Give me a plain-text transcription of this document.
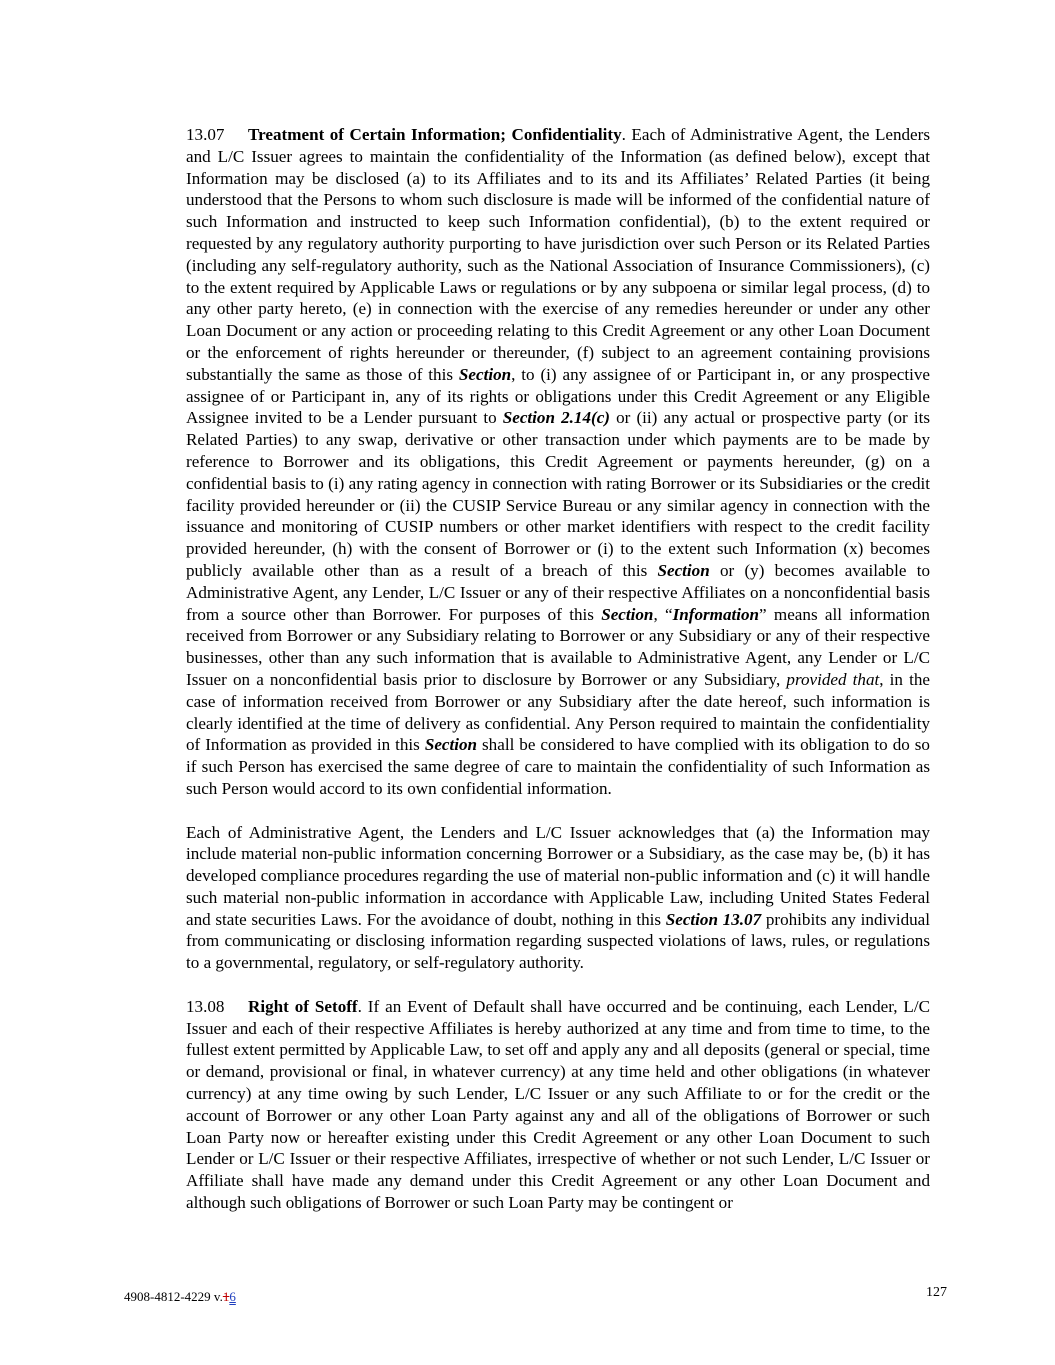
13.07 Treatment of Certain Information; Confidentiality. Each of Administrative Agent, the Lenders and L/C Issuer agrees to maintain the confidentiality of the Information (as defined below), except that Information may be disclosed (a) to its Affiliates and to its and its Affiliates’ Related Parties (it being understood that the Persons to whom such disclosure is made will be informed of the confidential nature of such Information and instructed to keep such Information confidential), (b) to the extent required or requested by any regulatory authority purporting to have jurisdiction over such Person or its Related Parties (including any self-regulatory authority, such as the National Association of Insurance Commissioners), (c) to the extent required by Applicable Laws or regulations or by any subpoena or similar legal process, (d) to any other party hereto, (e) in connection with the exercise of any remedies hereunder or under any other Loan Document or any action or proceeding relating to this Credit Agreement or any other Loan Document or the enforcement of rights hereunder or thereunder, (f) subject to an agreement containing provisions substantially the same as those of this Section, to (i) any assignee of or Participant in, or any prospective assignee of or Participant in, any of its rights or obligations under this Credit Agreement or any Eligible Assignee invited to be a Lender pursuant to Section 2.14(c) or (ii) any actual or prospective party (or its Related Parties) to any swap, derivative or other transaction under which payments are to be made by reference to Borrower and its obligations, this Credit Agreement or payments hereunder, (g) on a confidential basis to (i) any rating agency in connection with rating Borrower or its Subsidiaries or the credit facility provided hereunder or (ii) the CUSIP Service Bureau or any similar agency in connection with the issuance and monitoring of CUSIP numbers or other market identifiers with respect to the credit facility provided hereunder, (h) with the consent of Borrower or (i) to the extent such Information (x) becomes publicly available other than as a result of a breach of this Section or (y) becomes available to Administrative Agent, any Lender, L/C Issuer or any of their respective Affiliates on a nonconfidential basis from a source other than Borrower. For purposes of this Section, “Information” means all information received from Borrower or any Subsidiary relating to Borrower or any Subsidiary or any of their respective businesses, other than any such information that is available to Administrative Agent, any Lender or L/C Issuer on a nonconfidential basis prior to disclosure by Borrower or any Subsidiary, provided that, in the case of information received from Borrower or any Subsidiary after the date hereof, such information is clearly identified at the time of delivery as confidential. Any Person required to maintain the confidentiality of Information as provided in this Section shall be considered to have complied with its obligation to do so if such Person has exercised the same degree of care to maintain the confidentiality of such Information as such Person would accord to its own confidential information.

Each of Administrative Agent, the Lenders and L/C Issuer acknowledges that (a) the Information may include material non-public information concerning Borrower or a Subsidiary, as the case may be, (b) it has developed compliance procedures regarding the use of material non-public information and (c) it will handle such material non-public information in accordance with Applicable Law, including United States Federal and state securities Laws. For the avoidance of doubt, nothing in this Section 13.07 prohibits any individual from communicating or disclosing information regarding suspected violations of laws, rules, or regulations to a governmental, regulatory, or self-regulatory authority.

13.08 Right of Setoff. If an Event of Default shall have occurred and be continuing, each Lender, L/C Issuer and each of their respective Affiliates is hereby authorized at any time and from time to time, to the fullest extent permitted by Applicable Law, to set off and apply any and all deposits (general or special, time or demand, provisional or final, in whatever currency) at any time held and other obligations (in whatever currency) at any time owing by such Lender, L/C Issuer or any such Affiliate to or for the credit or the account of Borrower or any other Loan Party against any and all of the obligations of Borrower or such Loan Party now or hereafter existing under this Credit Agreement or any other Loan Document to such Lender or L/C Issuer or their respective Affiliates, irrespective of whether or not such Lender, L/C Issuer or Affiliate shall have made any demand under this Credit Agreement or any other Loan Document and although such obligations of Borrower or such Loan Party may be contingent or

4908-4812-4229 v.16	127
